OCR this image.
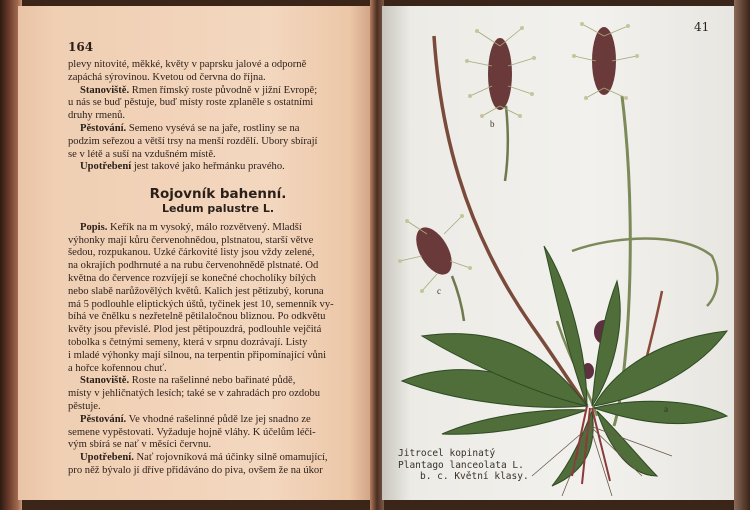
164
plevy nitovité, měkké, květy v paprsku jalové a odporně
zapáchá sýrovinou. Kvetou od června do října.
Stanoviště. Rmen římský roste původně v jižní Evropě;
u nás se buď pěstuje, buď místy roste zplaněle s ostatními
druhy rmenů.
Pěstování. Semeno vysévá se na jaře, rostliny se na
podzim seřezou a větší trsy na menší rozdělí. Úbory sbírají
se v létě a suší na vzdušném místě.
Upotřebení jest takové jako heřmánku pravého.
Rojovník bahenní.
Ledum palustre L.
Popis. Keřík na m vysoký, málo rozvětvený. Mladší
výhonky mají kůru červenohnědou, plstnatou, starší větve
šedou, rozpukanou. Úzké čárkovité listy jsou vždy zelené,
na okrajích podhrnuté a na rubu červenohnědě plstnaté. Od
května do července rozvíjejí se konečné chocholíky bílých
nebo slabě narůžovělých květů. Kalich jest pětizubý, koruna
má 5 podlouhle eliptických úštů, tyčinek jest 10, semenník vy-
bíhá ve čnělku s nezřetelně pětilaločnou bliznou. Po odkvětu
květy jsou převislé. Plod jest pětipouzdrá, podlouhle vejčitá
tobolka s četnými semeny, která v srpnu dozrávají. Listy
i mladé výhonky mají silnou, na terpentin připomínající vůni
a hořce kořennou chuť.
Stanoviště. Roste na rašelinné nebo bařinaté půdě,
místy v jehličnatých lesích; také se v zahradách pro ozdobu
pěstuje.
Pěstování. Ve vhodné rašelinné půdě lze jej snadno ze
semene vypěstovati. Vyžaduje hojně vláhy. K účelům léči-
vým sbírá se nať v měsíci červnu.
Upotřebení. Nať rojovníková má účinky silně omamující,
pro něž bývalo jí dříve přidáváno do piva, ovšem že na úkor
b
c
a
41
Jitrocel kopinatý
Plantago lanceolata L.
b. c. Květní klasy.
